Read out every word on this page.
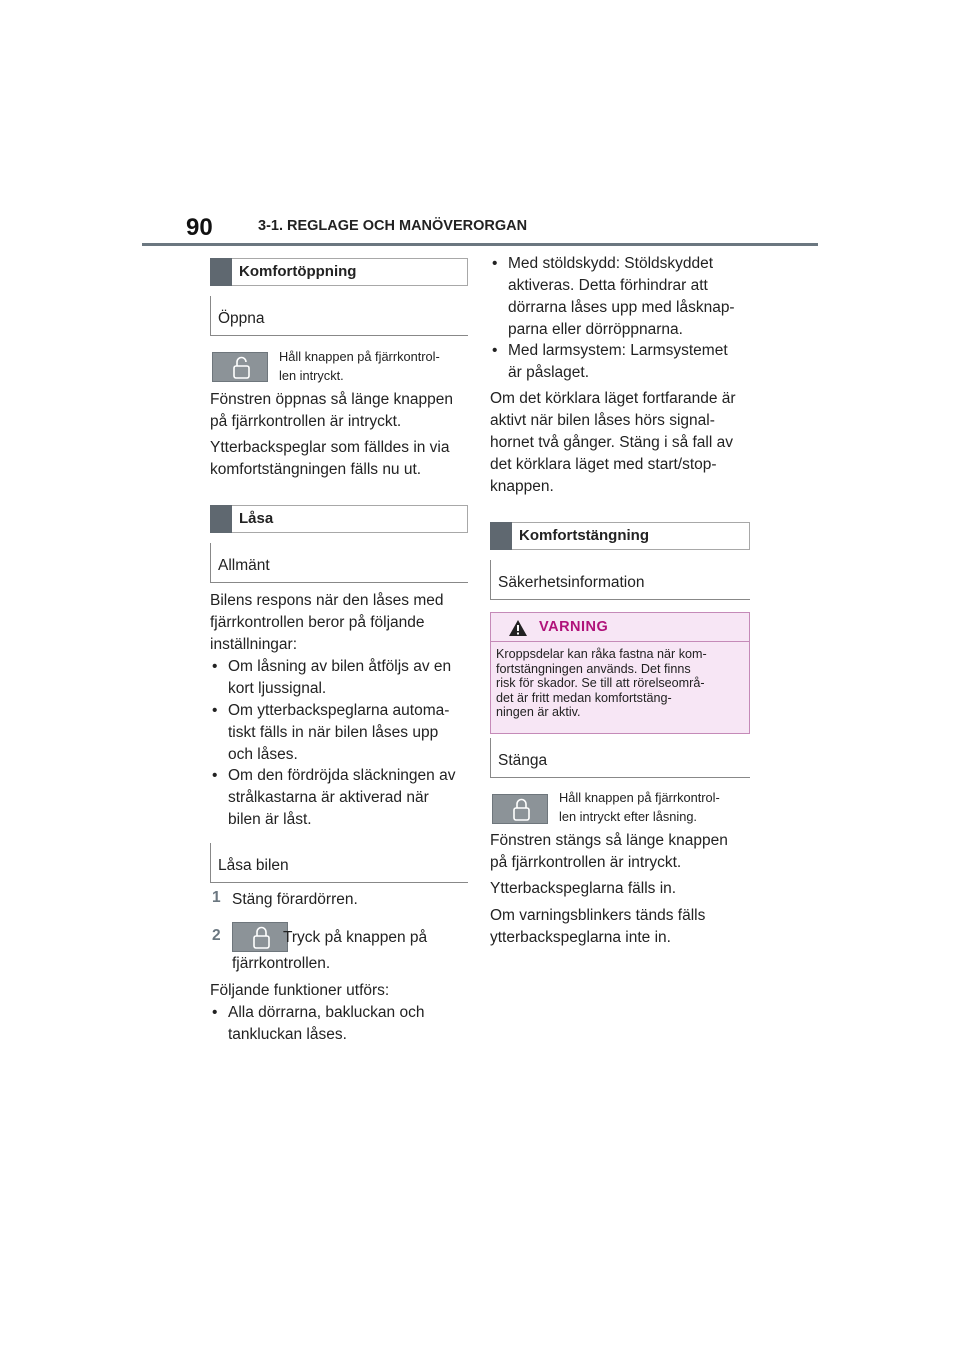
90	3-1. REGLAGE OCH MANÖVERORGAN
Komfortöppning
Öppna
Håll knappen på fjärrkontrol-
len intryckt.
Fönstren öppnas så länge knappen
på fjärrkontrollen är intryckt.
Ytterbackspeglar som fälldes in via
komfortstängningen fälls nu ut.
Låsa
Allmänt
Bilens respons när den låses med
fjärrkontrollen beror på följande
inställningar:
• Om låsning av bilen åtföljs av en
kort ljussignal.
• Om ytterbackspeglarna automa-
tiskt fälls in när bilen låses upp
och låses.
• Om den fördröjda släckningen av
strålkastarna är aktiverad när
bilen är låst.
Låsa bilen
1 Stäng förardörren.
2	Tryck på knappen på
fjärrkontrollen.
Följande funktioner utförs:
• Alla dörrarna, bakluckan och
tankluckan låses.
• Med stöldskydd: Stöldskyddet
aktiveras. Detta förhindrar att
dörrarna låses upp med låsknap-
parna eller dörröppnarna.
• Med larmsystem: Larmsystemet
är påslaget.
Om det körklara läget fortfarande är
aktivt när bilen låses hörs signal-
hornet två gånger. Stäng i så fall av
det körklara läget med start/stop-
knappen.
Komfortstängning
Säkerhetsinformation
VARNING
Kroppsdelar kan råka fastna när kom-
fortstängningen används. Det finns
risk för skador. Se till att rörelseområ-
det är fritt medan komfortstäng-
ningen är aktiv.
Stänga
Håll knappen på fjärrkontrol-
len intryckt efter låsning.
Fönstren stängs så länge knappen
på fjärrkontrollen är intryckt.
Ytterbackspeglarna fälls in.
Om varningsblinkers tänds fälls
ytterbackspeglarna inte in.
